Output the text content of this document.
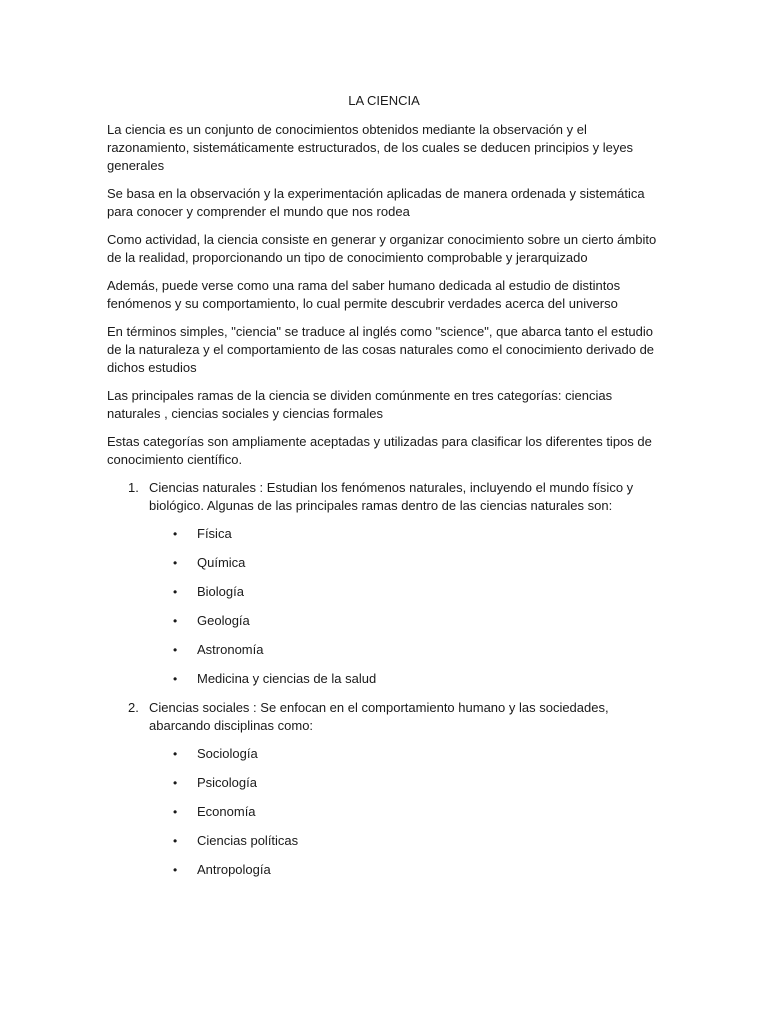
LA CIENCIA

La ciencia es un conjunto de conocimientos obtenidos mediante la observación y el razonamiento, sistemáticamente estructurados, de los cuales se deducen principios y leyes generales

Se basa en la observación y la experimentación aplicadas de manera ordenada y sistemática para conocer y comprender el mundo que nos rodea

Como actividad, la ciencia consiste en generar y organizar conocimiento sobre un cierto ámbito de la realidad, proporcionando un tipo de conocimiento comprobable y jerarquizado

Además, puede verse como una rama del saber humano dedicada al estudio de distintos fenómenos y su comportamiento, lo cual permite descubrir verdades acerca del universo

En términos simples, "ciencia" se traduce al inglés como "science", que abarca tanto el estudio de la naturaleza y el comportamiento de las cosas naturales como el conocimiento derivado de dichos estudios

Las principales ramas de la ciencia se dividen comúnmente en tres categorías: ciencias naturales , ciencias sociales y ciencias formales

Estas categorías son ampliamente aceptadas y utilizadas para clasificar los diferentes tipos de conocimiento científico.

1. Ciencias naturales : Estudian los fenómenos naturales, incluyendo el mundo físico y biológico. Algunas de las principales ramas dentro de las ciencias naturales son:
• Física
• Química
• Biología
• Geología
• Astronomía
• Medicina y ciencias de la salud
2. Ciencias sociales : Se enfocan en el comportamiento humano y las sociedades, abarcando disciplinas como:
• Sociología
• Psicología
• Economía
• Ciencias políticas
• Antropología
